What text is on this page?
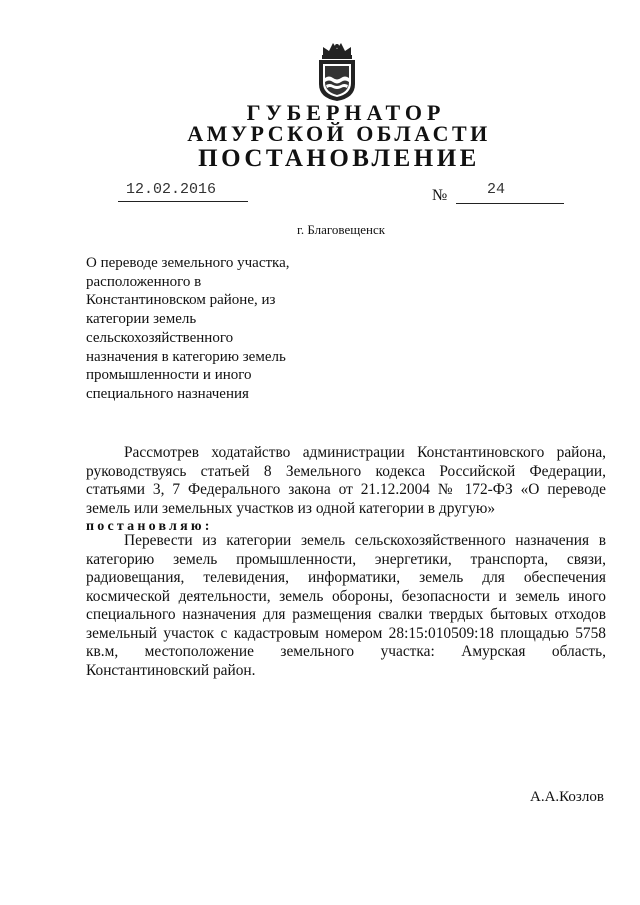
ГУБЕРНАТОР
АМУРСКОЙ ОБЛАСТИ
ПОСТАНОВЛЕНИЕ
12.02.2016	№	24
г. Благовещенск
О переводе земельного участка,
расположенного в
Константиновском районе, из
категории земель
сельскохозяйственного
назначения в категорию земель
промышленности и иного
специального назначения
Рассмотрев ходатайство администрации Константиновского района, руководствуясь статьей 8 Земельного кодекса Российской Федерации, статьями 3, 7 Федерального закона от 21.12.2004 № 172-ФЗ «О переводе земель или земельных участков из одной категории в другую»
постановляю:
Перевести из категории земель сельскохозяйственного назначения в категорию земель промышленности, энергетики, транспорта, связи, радиовещания, телевидения, информатики, земель для обеспечения космической деятельности, земель обороны, безопасности и земель иного специального назначения для размещения свалки твердых бытовых отходов земельный участок с кадастровым номером 28:15:010509:18 площадью 5758 кв.м, местоположение земельного участка: Амурская область, Константиновский район.
А.А.Козлов
